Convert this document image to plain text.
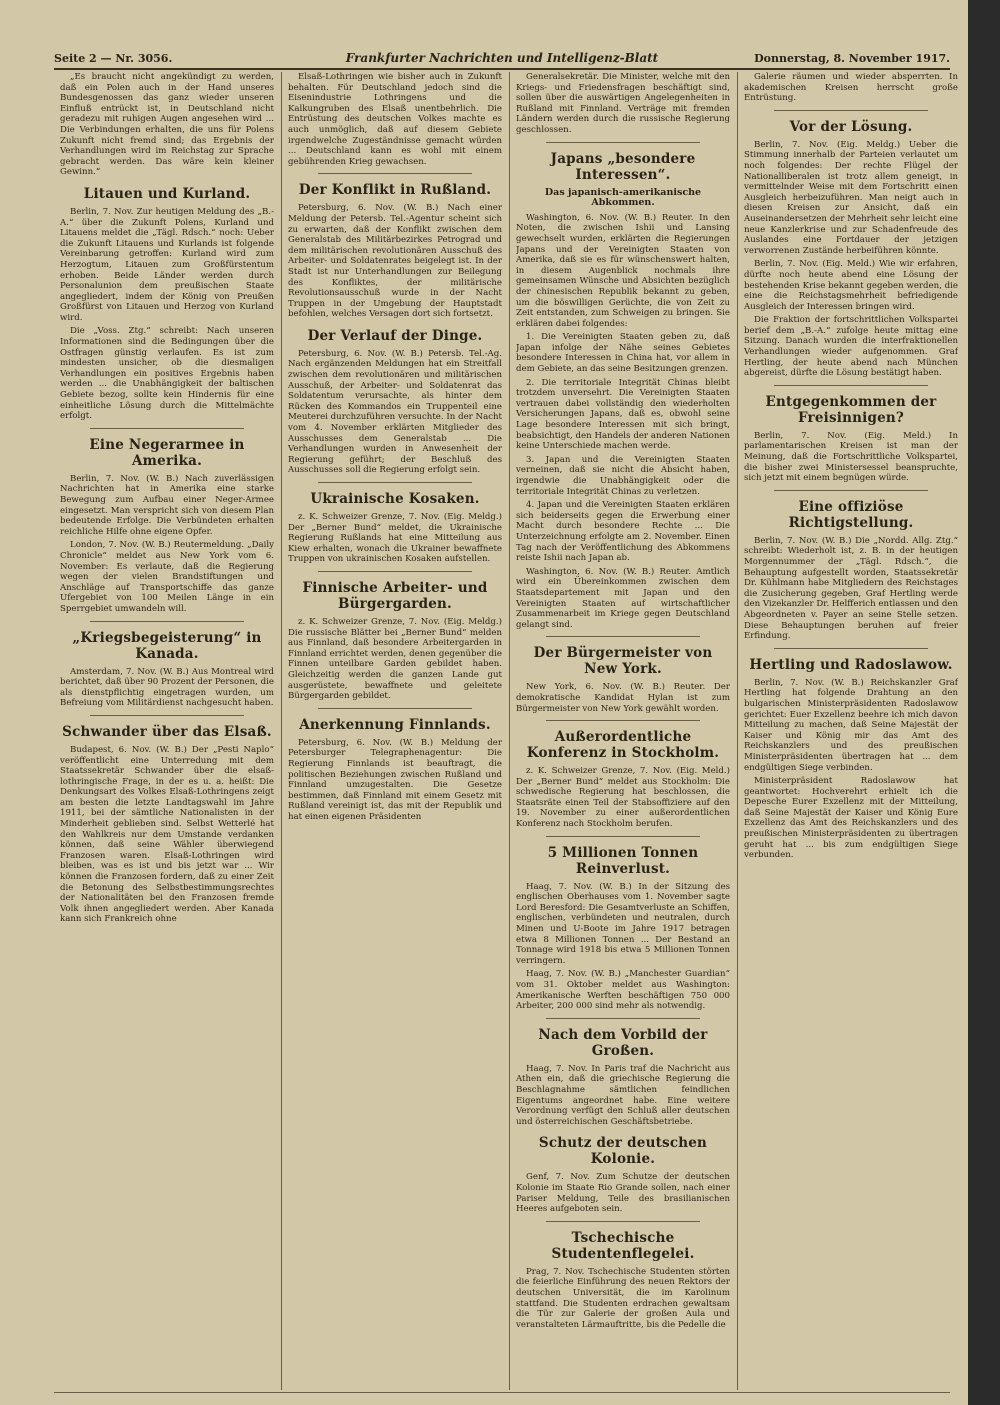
Seite 2 — Nr. 3056.	Frankfurter Nachrichten und Intelligenz-Blatt	Donnerstag, 8. November 1917.

„Es braucht nicht angekündigt zu werden, daß ein Polen auch in der Hand unseres Bundesgenossen das ganz wieder unseren Einfluß entrückt ist, in Deutschland nicht geradezu mit ruhigen Augen angesehen wird ... Die Verbindungen erhalten, die uns für Polens Zukunft nicht fremd sind; das Ergebnis der Verhandlungen wird im Reichstag zur Sprache gebracht werden. Das wäre kein kleiner Gewinn.“

Litauen und Kurland.

Berlin, 7. Nov. Zur heutigen Meldung des „B.-A.“ über die Zukunft Polens, Kurland und Litauens meldet die „Tägl. Rdsch.“ noch: Ueber die Zukunft Litauens und Kurlands ist folgende Vereinbarung getroffen: Kurland wird zum Herzogtum, Litauen zum Großfürstentum erhoben. Beide Länder werden durch Personalunion dem preußischen Staate angegliedert, indem der König von Preußen Großfürst von Litauen und Herzog von Kurland wird.

Die „Voss. Ztg.“ schreibt: Nach unseren Informationen sind die Bedingungen über die Ostfragen günstig verlaufen. Es ist zum mindesten unsicher, ob die diesmaligen Verhandlungen ein positives Ergebnis haben werden ... die Unabhängigkeit der baltischen Gebiete bezog, sollte kein Hindernis für eine einheitliche Lösung durch die Mittelmächte erfolgt.

Eine Negerarmee in Amerika.

Berlin, 7. Nov. (W. B.) Nach zuverlässigen Nachrichten hat in Amerika eine starke Bewegung zum Aufbau einer Neger-Armee eingesetzt. Man verspricht sich von diesem Plan bedeutende Erfolge. Die Verbündeten erhalten reichliche Hilfe ohne eigene Opfer.

London, 7. Nov. (W. B.) Reutermeldung. „Daily Chronicle“ meldet aus New York vom 6. November: Es verlaute, daß die Regierung wegen der vielen Brandstiftungen und Anschläge auf Transportschiffe das ganze Ufergebiet von 100 Meilen Länge in ein Sperrgebiet umwandeln will.

„Kriegsbegeisterung“ in Kanada.

Amsterdam, 7. Nov. (W. B.) Aus Montreal wird berichtet, daß über 90 Prozent der Personen, die als dienstpflichtig eingetragen wurden, um Befreiung vom Militärdienst nachgesucht haben.

Schwander über das Elsaß.

Budapest, 6. Nov. (W. B.) Der „Pesti Naplo“ veröffentlicht eine Unterredung mit dem Staatssekretär Schwander über die elsaß-lothringische Frage, in der es u. a. heißt: Die Denkungsart des Volkes Elsaß-Lothringens zeigt am besten die letzte Landtagswahl im Jahre 1911, bei der sämtliche Nationalisten in der Minderheit geblieben sind. Selbst Wetterlé hat den Wahlkreis nur dem Umstande verdanken können, daß seine Wähler überwiegend Franzosen waren. Elsaß-Lothringen wird bleiben, was es ist und bis jetzt war ... Wir können die Franzosen fordern, daß zu einer Zeit die Betonung des Selbstbestimmungsrechtes der Nationalitäten bei den Franzosen fremde Volk ihnen angegliedert werden. Aber Kanada kann sich Frankreich ohne

Elsaß-Lothringen wie bisher auch in Zukunft behalten. Für Deutschland jedoch sind die Eisenindustrie Lothringens und die Kalkungruben des Elsaß unentbehrlich. Die Entrüstung des deutschen Volkes machte es auch unmöglich, daß auf diesem Gebiete irgendwelche Zugeständnisse gemacht würden ... Deutschland kann es wohl mit einem gebührenden Krieg gewachsen.

Der Konflikt in Rußland.

Petersburg, 6. Nov. (W. B.) Nach einer Meldung der Petersb. Tel.-Agentur scheint sich zu erwarten, daß der Konflikt zwischen dem Generalstab des Militärbezirkes Petrograd und dem militärischen revolutionären Ausschuß des Arbeiter- und Soldatenrates beigelegt ist. In der Stadt ist nur Unterhandlungen zur Beilegung des Konfliktes, der militärische Revolutionsausschuß wurde in der Nacht Truppen in der Umgebung der Hauptstadt befohlen, welches Versagen dort sich fortsetzt.

Der Verlauf der Dinge.

Petersburg, 6. Nov. (W. B.) Petersb. Tel.-Ag. Nach ergänzenden Meldungen hat ein Streitfall zwischen dem revolutionären und militärischen Ausschuß, der Arbeiter- und Soldatenrat das Soldatentum verursachte, als hinter dem Rücken des Kommandos ein Truppenteil eine Meuterei durchzuführen versuchte. In der Nacht vom 4. November erklärten Mitglieder des Ausschusses dem Generalstab ... Die Verhandlungen wurden in Anwesenheit der Regierung geführt; der Beschluß des Ausschusses soll die Regierung erfolgt sein.

Ukrainische Kosaken.

z. K. Schweizer Grenze, 7. Nov. (Eig. Meldg.) Der „Berner Bund“ meldet, die Ukrainische Regierung Rußlands hat eine Mitteilung aus Kiew erhalten, wonach die Ukrainer bewaffnete Truppen von ukrainischen Kosaken aufstellen.

Finnische Arbeiter- und Bürgergarden.

z. K. Schweizer Grenze, 7. Nov. (Eig. Meldg.) Die russische Blätter bei „Berner Bund“ melden aus Finnland, daß besondere Arbeitergarden in Finnland errichtet werden, denen gegenüber die Finnen unteilbare Garden gebildet haben. Gleichzeitig werden die ganzen Lande gut ausgerüstete, bewaffnete und geleitete Bürgergarden gebildet.

Anerkennung Finnlands.

Petersburg, 6. Nov. (W. B.) Meldung der Petersburger Telegraphenagentur: Die Regierung Finnlands ist beauftragt, die politischen Beziehungen zwischen Rußland und Finnland umzugestalten. Die Gesetze bestimmen, daß Finnland mit einem Gesetz mit Rußland vereinigt ist, das mit der Republik und hat einen eigenen Präsidenten

Generalsekretär. Die Minister, welche mit den Kriegs- und Friedensfragen beschäftigt sind, sollen über die auswärtigen Angelegenheiten in Rußland mit Finnland. Verträge mit fremden Ländern werden durch die russische Regierung geschlossen.

Japans „besondere Interessen“.
Das japanisch-amerikanische Abkommen.

Washington, 6. Nov. (W. B.) Reuter. In den Noten, die zwischen Ishii und Lansing gewechselt wurden, erklärten die Regierungen Japans und der Vereinigten Staaten von Amerika, daß sie es für wünschenswert halten, in diesem Augenblick nochmals ihre gemeinsamen Wünsche und Absichten bezüglich der chinesischen Republik bekannt zu geben, um die böswilligen Gerüchte, die von Zeit zu Zeit entstanden, zum Schweigen zu bringen. Sie erklären dabei folgendes:

1. Die Vereinigten Staaten geben zu, daß Japan infolge der Nähe seines Gebietes besondere Interessen in China hat, vor allem in dem Gebiete, an das seine Besitzungen grenzen.

2. Die territoriale Integrität Chinas bleibt trotzdem unversehrt. Die Vereinigten Staaten vertrauen dabei vollständig den wiederholten Versicherungen Japans, daß es, obwohl seine Lage besondere Interessen mit sich bringt, beabsichtigt, den Handels der anderen Nationen keine Unterschiede machen werde.

3. Japan und die Vereinigten Staaten verneinen, daß sie nicht die Absicht haben, irgendwie die Unabhängigkeit oder die territoriale Integrität Chinas zu verletzen.

4. Japan und die Vereinigten Staaten erklären sich beiderseits gegen die Erwerbung einer Macht durch besondere Rechte ... Die Unterzeichnung erfolgte am 2. November. Einen Tag nach der Veröffentlichung des Abkommens reiste Ishii nach Japan ab.

Washington, 6. Nov. (W. B.) Reuter. Amtlich wird ein Übereinkommen zwischen dem Staatsdepartement mit Japan und den Vereinigten Staaten auf wirtschaftlicher Zusammenarbeit im Kriege gegen Deutschland gelangt sind.

Der Bürgermeister von New York.

New York, 6. Nov. (W. B.) Reuter. Der demokratische Kandidat Hylan ist zum Bürgermeister von New York gewählt worden.

Außerordentliche Konferenz in Stockholm.

z. K. Schweizer Grenze, 7. Nov. (Eig. Meld.) Der „Berner Bund“ meldet aus Stockholm: Die schwedische Regierung hat beschlossen, die Staatsräte einen Teil der Stabsoffiziere auf den 19. November zu einer außerordentlichen Konferenz nach Stockholm berufen.

5 Millionen Tonnen Reinverlust.

Haag, 7. Nov. (W. B.) In der Sitzung des englischen Oberhauses vom 1. November sagte Lord Beresford: Die Gesamtverluste an Schiffen, englischen, verbündeten und neutralen, durch Minen und U-Boote im Jahre 1917 betragen etwa 8 Millionen Tonnen ... Der Bestand an Tonnage wird 1918 bis etwa 5 Millionen Tonnen verringern.

Haag, 7. Nov. (W. B.) „Manchester Guardian“ vom 31. Oktober meldet aus Washington: Amerikanische Werften beschäftigen 750 000 Arbeiter, 200 000 sind mehr als notwendig.

Nach dem Vorbild der Großen.

Haag, 7. Nov. In Paris traf die Nachricht aus Athen ein, daß die griechische Regierung die Beschlagnahme sämtlichen feindlichen Eigentums angeordnet habe. Eine weitere Verordnung verfügt den Schluß aller deutschen und österreichischen Geschäftsbetriebe.

Schutz der deutschen Kolonie.

Genf, 7. Nov. Zum Schutze der deutschen Kolonie im Staate Rio Grande sollen, nach einer Pariser Meldung, Teile des brasilianischen Heeres aufgeboten sein.

Tschechische Studentenflegelei.

Prag, 7. Nov. Tschechische Studenten störten die feierliche Einführung des neuen Rektors der deutschen Universität, die im Karolinum stattfand. Die Studenten erdrachen gewaltsam die Tür zur Galerie der großen Aula und veranstalteten Lärmauftritte, bis die Pedelle die

Galerie räumen und wieder absperrten. In akademischen Kreisen herrscht große Entrüstung.

Vor der Lösung.

Berlin, 7. Nov. (Eig. Meldg.) Ueber die Stimmung innerhalb der Parteien verlautet um noch folgendes: Der rechte Flügel der Nationalliberalen ist trotz allem geneigt, in vermittelnder Weise mit dem Fortschritt einen Ausgleich herbeizuführen. Man neigt auch in diesen Kreisen zur Ansicht, daß ein Auseinandersetzen der Mehrheit sehr leicht eine neue Kanzlerkrise und zur Schadenfreude des Auslandes eine Fortdauer der jetzigen verworrenen Zustände herbeiführen könnte.

Berlin, 7. Nov. (Eig. Meld.) Wie wir erfahren, dürfte noch heute abend eine Lösung der bestehenden Krise bekannt gegeben werden, die eine die Reichstagsmehrheit befriedigende Ausgleich der Interessen bringen wird.

Die Fraktion der fortschrittlichen Volkspartei berief dem „B.-A.“ zufolge heute mittag eine Sitzung. Danach wurden die interfraktionellen Verhandlungen wieder aufgenommen. Graf Hertling, der heute abend nach München abgereist, dürfte die Lösung bestätigt haben.

Entgegenkommen der Freisinnigen?

Berlin, 7. Nov. (Eig. Meld.) In parlamentarischen Kreisen ist man der Meinung, daß die Fortschrittliche Volkspartei, die bisher zwei Ministersessel beanspruchte, sich jetzt mit einem begnügen würde.

Eine offiziöse Richtigstellung.

Berlin, 7. Nov. (W. B.) Die „Nordd. Allg. Ztg.“ schreibt: Wiederholt ist, z. B. in der heutigen Morgennummer der „Tägl. Rdsch.“, die Behauptung aufgestellt worden, Staatssekretär Dr. Kühlmann habe Mitgliedern des Reichstages die Zusicherung gegeben, Graf Hertling werde den Vizekanzler Dr. Helfferich entlassen und den Abgeordneten v. Payer an seine Stelle setzen. Diese Behauptungen beruhen auf freier Erfindung.

Hertling und Radoslawow.

Berlin, 7. Nov. (W. B.) Reichskanzler Graf Hertling hat folgende Drahtung an den bulgarischen Ministerpräsidenten Radoslawow gerichtet: Euer Exzellenz beehre ich mich davon Mitteilung zu machen, daß Seine Majestät der Kaiser und König mir das Amt des Reichskanzlers und des preußischen Ministerpräsidenten übertragen hat ... dem endgültigen Siege verbinden.

Ministerpräsident Radoslawow hat geantwortet: Hochverehrt erhielt ich die Depesche Eurer Exzellenz mit der Mitteilung, daß Seine Majestät der Kaiser und König Eure Exzellenz das Amt des Reichskanzlers und des preußischen Ministerpräsidenten zu übertragen geruht hat ... bis zum endgültigen Siege verbunden.
